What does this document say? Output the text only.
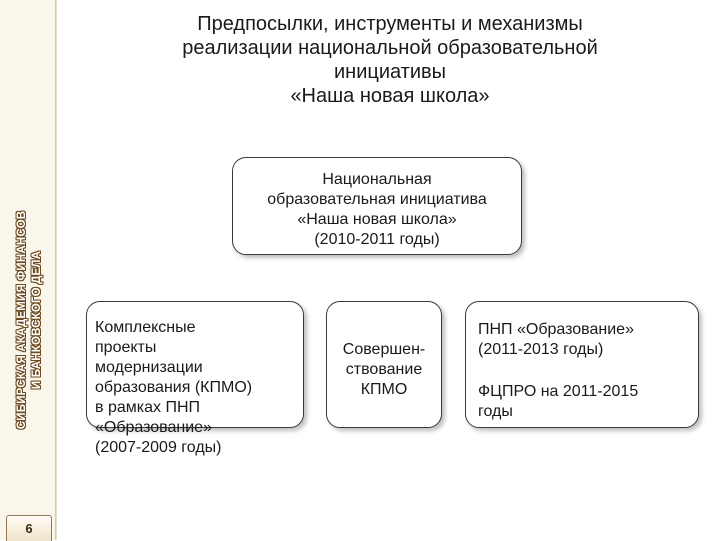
СИБИРСКАЯ АКАДЕМИЯ ФИНАНСОВ И БАНКОВСКОГО ДЕЛА
6
Предпосылки, инструменты и механизмы
реализации национальной образовательной
инициативы
«Наша новая школа»
Национальная
образовательная инициатива
«Наша новая школа»
(2010-2011 годы)
Комплексные
проекты
модернизации
образования (КПМО)
в рамках ПНП
«Образование»
(2007-2009 годы)
Совершен-
ствование
КПМО
ПНП «Образование»
(2011-2013 годы)
ФЦПРО на 2011-2015
годы
